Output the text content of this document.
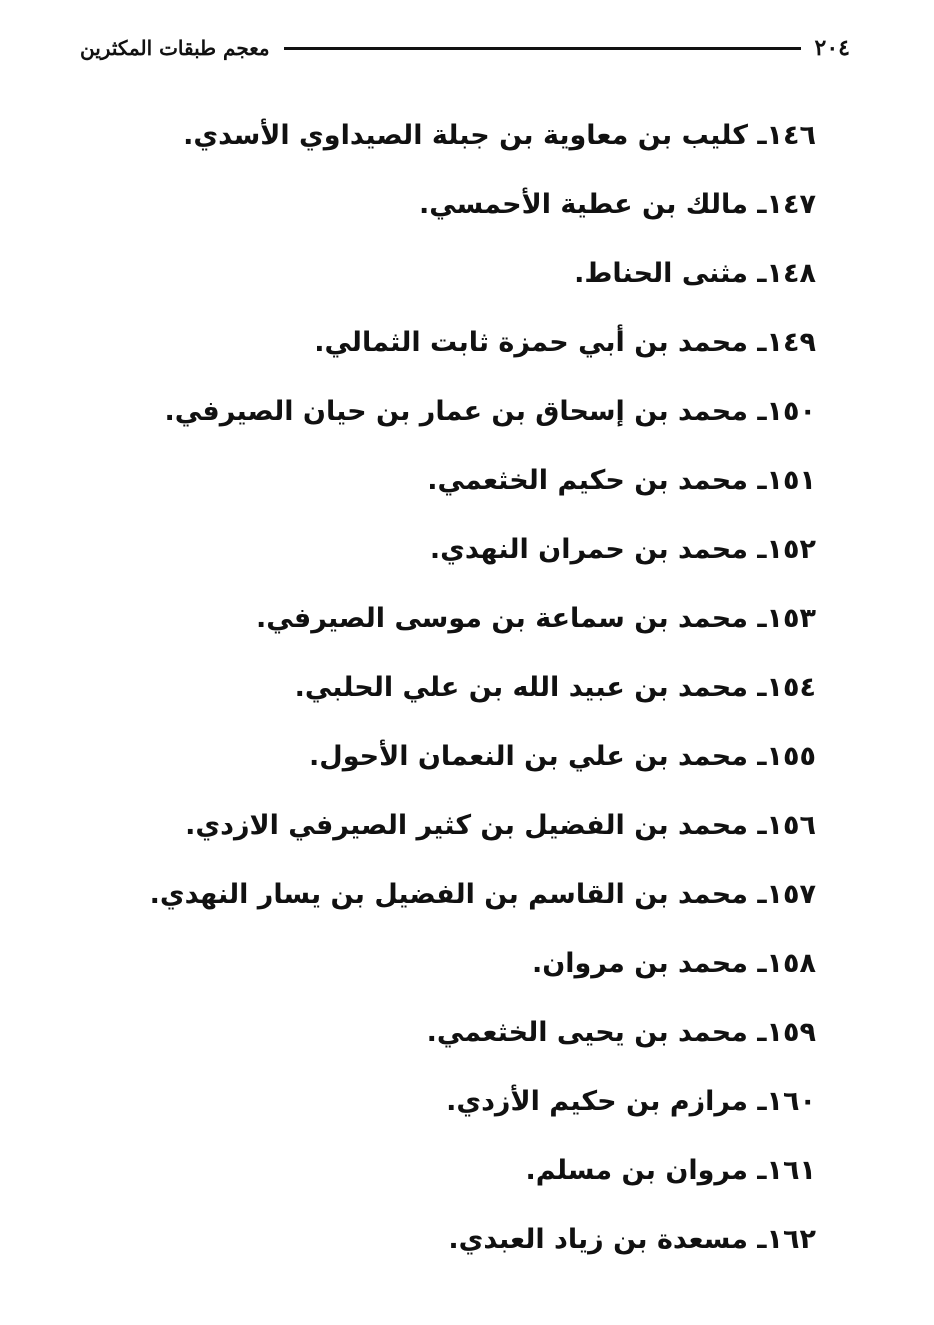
٢٠٤
معجم طبقات المكثرين
١٤٦ـ كليب بن معاوية بن جبلة الصيداوي الأسدي.
١٤٧ـ مالك بن عطية الأحمسي.
١٤٨ـ مثنى الحناط.
١٤٩ـ محمد بن أبي حمزة ثابت الثمالي.
١٥٠ـ محمد بن إسحاق بن عمار بن حيان الصيرفي.
١٥١ـ محمد بن حكيم الخثعمي.
١٥٢ـ محمد بن حمران النهدي.
١٥٣ـ محمد بن سماعة بن موسى الصيرفي.
١٥٤ـ محمد بن عبيد الله بن علي الحلبي.
١٥٥ـ محمد بن علي بن النعمان الأحول.
١٥٦ـ محمد بن الفضيل بن كثير الصيرفي الازدي.
١٥٧ـ محمد بن القاسم بن الفضيل بن يسار النهدي.
١٥٨ـ محمد بن مروان.
١٥٩ـ محمد بن يحيى الخثعمي.
١٦٠ـ مرازم بن حكيم الأزدي.
١٦١ـ مروان بن مسلم.
١٦٢ـ مسعدة بن زياد العبدي.
